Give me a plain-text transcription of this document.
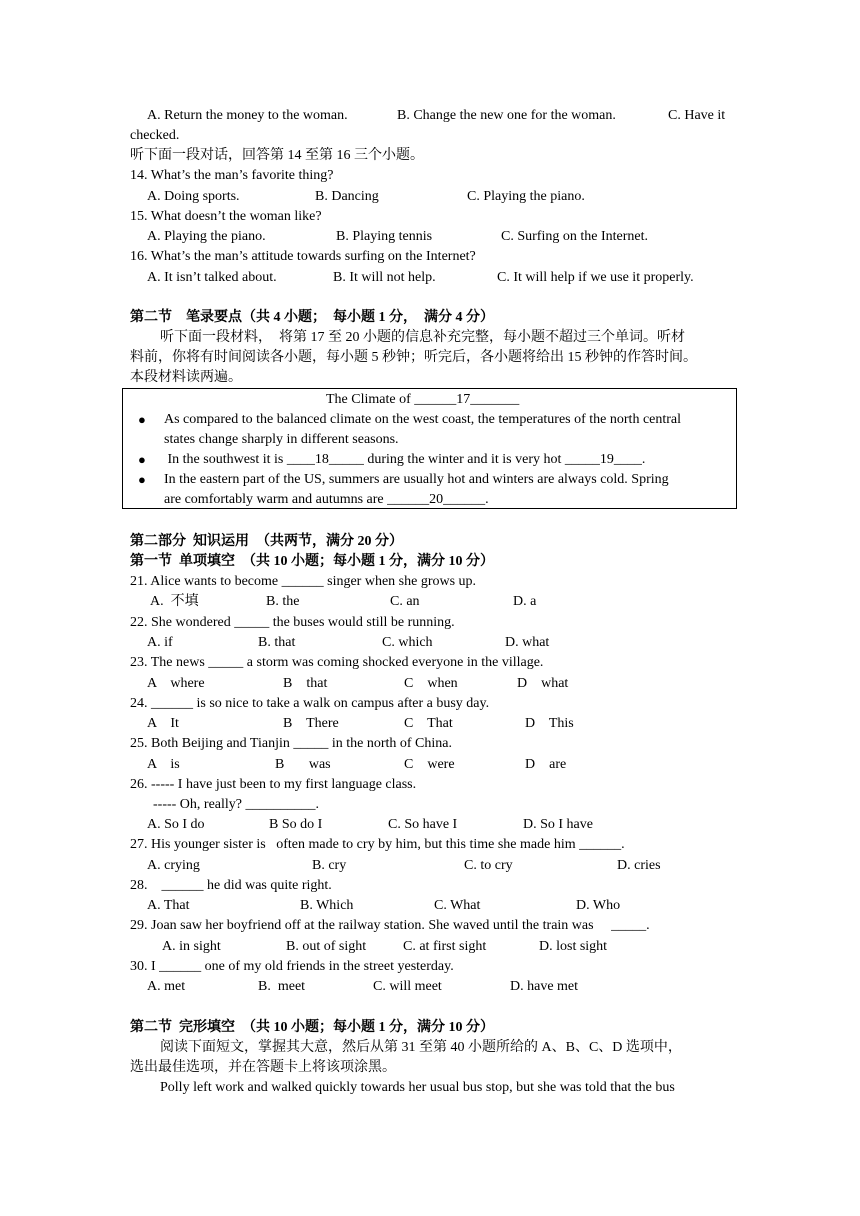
A. Return the money to the woman.	B. Change the new one for the woman.	C. Have it
checked.
听下面一段对话，回答第 14 至第 16 三个小题。
14. What’s the man’s favorite thing?
A. Doing sports.	B. Dancing	C. Playing the piano.
15. What doesn’t the woman like?
A. Playing the piano.	B. Playing tennis	C. Surfing on the Internet.
16. What’s the man’s attitude towards surfing on the Internet?
A. It isn’t talked about.	B. It will not help.	C. It will help if we use it properly.
第二节　笔录要点（共 4 小题；　每小题 1 分，　满分 4 分）
听下面一段材料，　将第 17 至 20 小题的信息补充完整，每小题不超过三个单词。听材
料前，你将有时间阅读各小题，每小题 5 秒钟；听完后，各小题将给出 15 秒钟的作答时间。
本段材料读两遍。
The Climate of ______17_______
● As compared to the balanced climate on the west coast, the temperatures of the north central
states change sharply in different seasons.
● In the southwest it is ____18_____ during the winter and it is very hot _____19____.
● In the eastern part of the US, summers are usually hot and winters are always cold. Spring
are comfortably warm and autumns are ______20______.
第二部分  知识运用  （共两节，满分 20 分）
第一节  单项填空  （共 10 小题；每小题 1 分，满分 10 分）
21. Alice wants to become ______ singer when she grows up.
A.  不填	B. the	C. an	D. a
22. She wondered _____ the buses would still be running.
A. if	B. that	C. which	D. what
23. The news _____ a storm was coming shocked everyone in the village.
A    where	B    that	C    when	D    what
24. ______ is so nice to take a walk on campus after a busy day.
A    It	B    There	C    That	D    This
25. Both Beijing and Tianjin _____ in the north of China.
A    is	B       was	C    were	D    are
26. ----- I have just been to my first language class.
----- Oh, really? __________.
A. So I do	B So do I	C. So have I	D. So I have
27. His younger sister is   often made to cry by him, but this time she made him ______.
A. crying	B. cry	C. to cry	D. cries
28.    ______ he did was quite right.
A. That	B. Which	C. What	D. Who
29. Joan saw her boyfriend off at the railway station. She waved until the train was     _____.
A. in sight	B. out of sight	C. at first sight	D. lost sight
30. I ______ one of my old friends in the street yesterday.
A. met	B.  meet	C. will meet	D. have met
第二节  完形填空  （共 10 小题；每小题 1 分，满分 10 分）
阅读下面短文，掌握其大意，然后从第 31 至第 40 小题所给的 A、B、C、D 选项中，
选出最佳选项，并在答题卡上将该项涂黑。
Polly left work and walked quickly towards her usual bus stop, but she was told that the bus
